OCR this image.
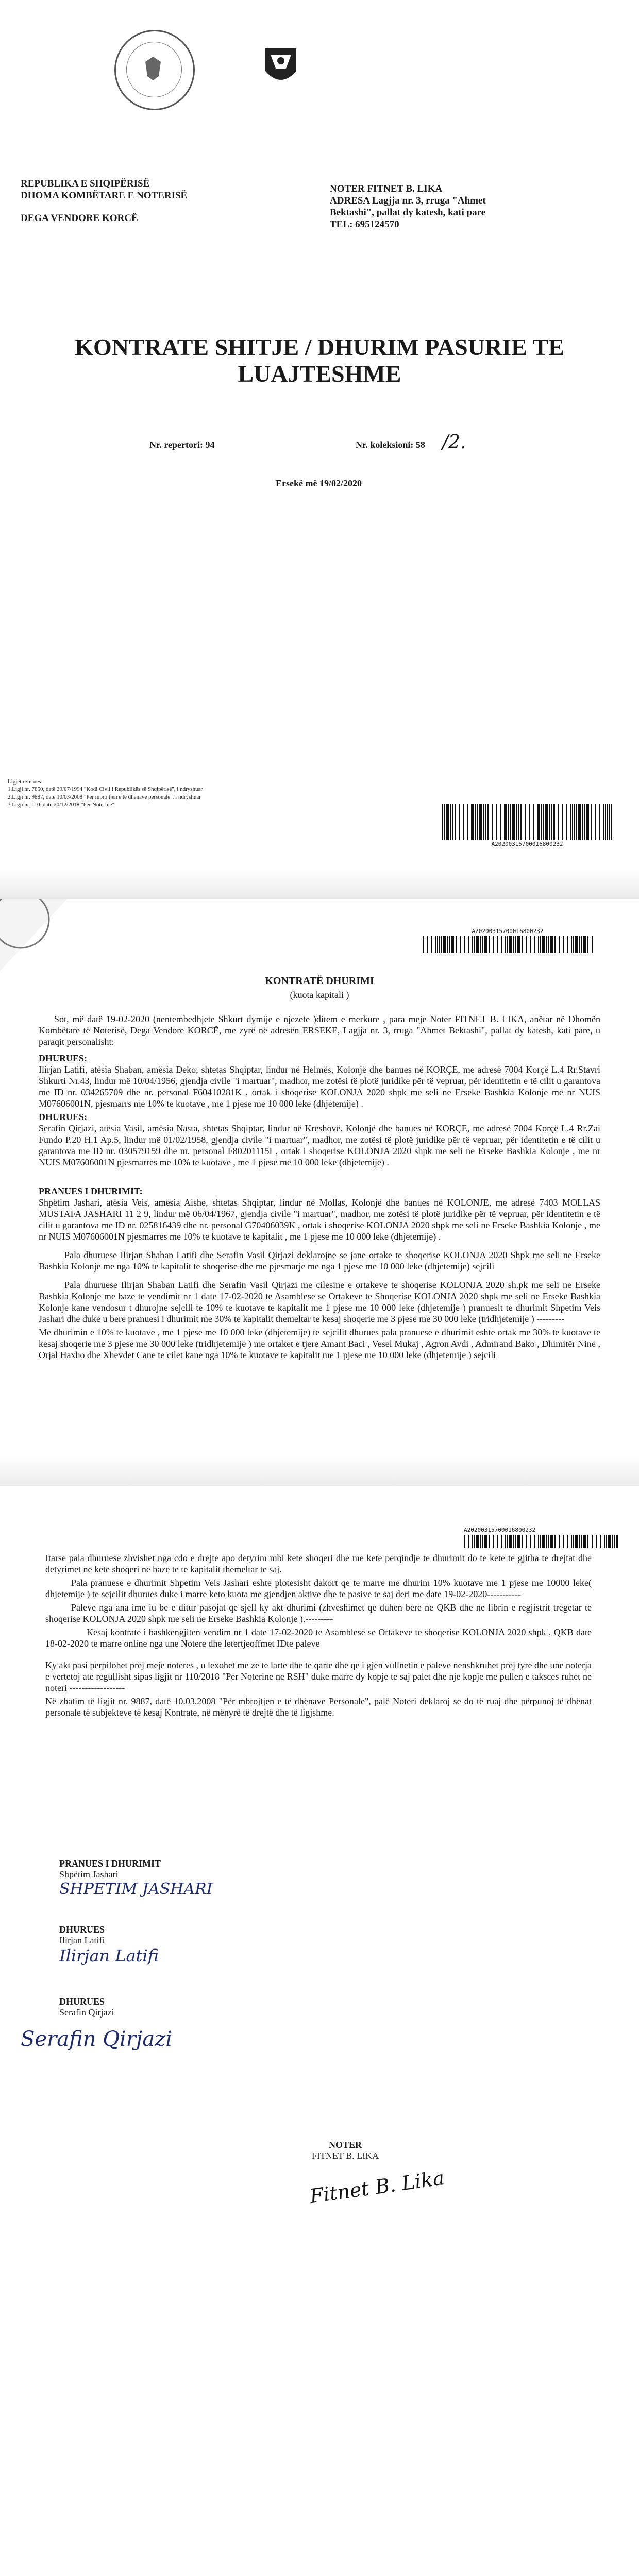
REPUBLIKA E SHQIPËRISË
DHOMA KOMBËTARE E NOTERISË
DEGA VENDORE KORCË
NOTER FITNET B. LIKA
ADRESA Lagjja nr. 3, rruga "Ahmet
Bektashi", pallat dy katesh, kati pare
TEL: 695124570
KONTRATE SHITJE / DHURIM PASURIE TE
LUAJTESHME
Nr. repertori: 94	Nr. koleksioni: 58 /2.
Ersekë më 19/02/2020
Ligjet referues:
1.Ligji nr. 7850, datë 29/07/1994 "Kodi Civil i Republikës së Shqipërisë", i ndryshuar
2.Ligji nr. 9887, date 10/03/2008 "Për mbrojtjen e të dhënave personale", i ndryshuar
3.Ligji nr. 110, datë 20/12/2018 "Për Noterinë"
A20200315700016800232
A20200315700016800232
KONTRATË DHURIMI
(kuota kapitali )

Sot, më datë 19-02-2020 (nentembedhjete Shkurt dymije e njezete )ditem e merkure , para meje Noter FITNET B. LIKA, anëtar në Dhomën Kombëtare të Noterisë, Dega Vendore KORCË, me zyrë në adresën ERSEKE, Lagjja nr. 3, rruga "Ahmet Bektashi", pallat dy katesh, kati pare, u paraqit personalisht:

DHURUES:

Ilirjan Latifi, atësia Shaban, amësia Deko, shtetas Shqiptar, lindur në Helmës, Kolonjë dhe banues në KORÇE, me adresë 7004 Korçë L.4 Rr.Stavri Shkurti Nr.43, lindur më 10/04/1956, gjendja civile "i martuar", madhor, me zotësi të plotë juridike për të vepruar, për identitetin e të cilit u garantova me ID nr. 034265709 dhe nr. personal F60410281K , ortak i shoqerise KOLONJA 2020 shpk me seli ne Erseke Bashkia Kolonje me nr NUIS M07606001N, pjesmarrs me 10% te kuotave , me 1 pjese me 10 000 leke (dhjetemije) .

DHURUES:

Serafin Qirjazi, atësia Vasil, amësia Nasta, shtetas Shqiptar, lindur në Kreshovë, Kolonjë dhe banues në KORÇE, me adresë 7004 Korçë L.4 Rr.Zai Fundo P.20 H.1 Ap.5, lindur më 01/02/1958, gjendja civile "i martuar", madhor, me zotësi të plotë juridike për të vepruar, për identitetin e të cilit u garantova me ID nr. 030579159 dhe nr. personal F80201115I , ortak i shoqerise KOLONJA 2020 shpk me seli ne Erseke Bashkia Kolonje , me nr NUIS M07606001N pjesmarres me 10% te kuotave , me 1 pjese me 10 000 leke (dhjetemije) .

PRANUES I DHURIMIT:

Shpëtim Jashari, atësia Veis, amësia Aishe, shtetas Shqiptar, lindur në Mollas, Kolonjë dhe banues në KOLONJE, me adresë 7403 MOLLAS MUSTAFA JASHARI 11 2 9, lindur më 06/04/1967, gjendja civile "i martuar", madhor, me zotësi të plotë juridike për të vepruar, për identitetin e të cilit u garantova me ID nr. 025816439 dhe nr. personal G70406039K , ortak i shoqerise KOLONJA 2020 shpk me seli ne Erseke Bashkia Kolonje , me nr NUIS M07606001N pjesmarres me 10% te kuotave te kapitalit , me 1 pjese me 10 000 leke (dhjetemije) .

Pala dhuruese Ilirjan Shaban Latifi dhe Serafin Vasil Qirjazi deklarojne se jane ortake te shoqerise KOLONJA 2020 Shpk me seli ne Erseke Bashkia Kolonje me nga 10% te kapitalit te shoqerise dhe me pjesmarje me nga 1 pjese me 10 000 leke (dhjetemije) sejcili

Pala dhuruese Ilirjan Shaban Latifi dhe Serafin Vasil Qirjazi me cilesine e ortakeve te shoqerise KOLONJA 2020 sh.pk me seli ne Erseke Bashkia Kolonje me baze te vendimit nr 1 date 17-02-2020 te Asamblese se Ortakeve te Shoqerise KOLONJA 2020 shpk me seli ne Erseke Bashkia Kolonje kane vendosur t dhurojne sejcili te 10% te kuotave te kapitalit me 1 pjese me 10 000 leke (dhjetemije ) pranuesit te dhurimit Shpetim Veis Jashari dhe duke u bere pranuesi i dhurimit me 30% te kapitalit themeltar te kesaj shoqerie me 3 pjese me 30 000 leke (tridhjetemije ) ---------

Me dhurimin e 10% te kuotave , me 1 pjese me 10 000 leke (dhjetemije) te sejcilit dhurues pala pranuese e dhurimit eshte ortak me 30% te kuotave te kesaj shoqerie me 3 pjese me 30 000 leke (tridhjetemije ) me ortaket e tjere Amant Baci , Vesel Mukaj , Agron Avdi , Admirand Bako , Dhimitër Nine , Orjal Haxho dhe Xhevdet Cane te cilet kane nga 10% te kuotave te kapitalit me 1 pjese me 10 000 leke (dhjetemije ) sejcili

A20200315700016800232

Itarse pala dhuruese zhvishet nga cdo e drejte apo detyrim mbi kete shoqeri dhe me kete perqindje te dhurimit do te kete te gjitha te drejtat dhe detyrimet ne kete shoqeri ne baze te te kapitalit themeltar te saj.

Pala pranuese e dhurimit Shpetim Veis Jashari eshte plotesisht dakort qe te marre me dhurim 10% kuotave me 1 pjese me 10000 leke( dhjetemije ) te sejcilit dhurues duke i marre keto kuota me gjendjen aktive dhe te pasive te saj deri me date 19-02-2020-----------

Paleve nga ana ime iu be e ditur pasojat qe sjell ky akt dhurimi (zhveshimet qe duhen bere ne QKB dhe ne librin e regjistrit tregetar te shoqerise KOLONJA 2020 shpk me seli ne Erseke Bashkia Kolonje ).---------

Kesaj kontrate i bashkengjiten vendim nr 1 date 17-02-2020 te Asamblese se Ortakeve te shoqerise KOLONJA 2020 shpk , QKB date 18-02-2020 te marre online nga une Notere dhe letertjeoffmet IDte paleve

Ky akt pasi perpilohet prej meje noteres , u lexohet me ze te larte dhe te qarte dhe qe i gjen vullnetin e paleve nenshkruhet prej tyre dhe une noterja e vertetoj ate regullisht sipas ligjit nr 110/2018 "Per Noterine ne RSH" duke marre dy kopje te saj palet dhe nje kopje me pullen e taksces ruhet ne noteri ------------------

Në zbatim të ligjit nr. 9887, datë 10.03.2008 "Për mbrojtjen e të dhënave Personale", palë Noteri deklaroj se do të ruaj dhe përpunoj të dhënat personale të subjekteve të kesaj Kontrate, në mënyrë të drejtë dhe të ligjshme.

PRANUES I DHURIMIT
Shpëtim Jashari
SHPETIM JASHARI
DHURUES
Ilirjan Latifi
Ilirjan Latifi
DHURUES
Serafin Qirjazi
Serafin Qirjazi
NOTER
FITNET B. LIKA
Fitnet B. Lika
